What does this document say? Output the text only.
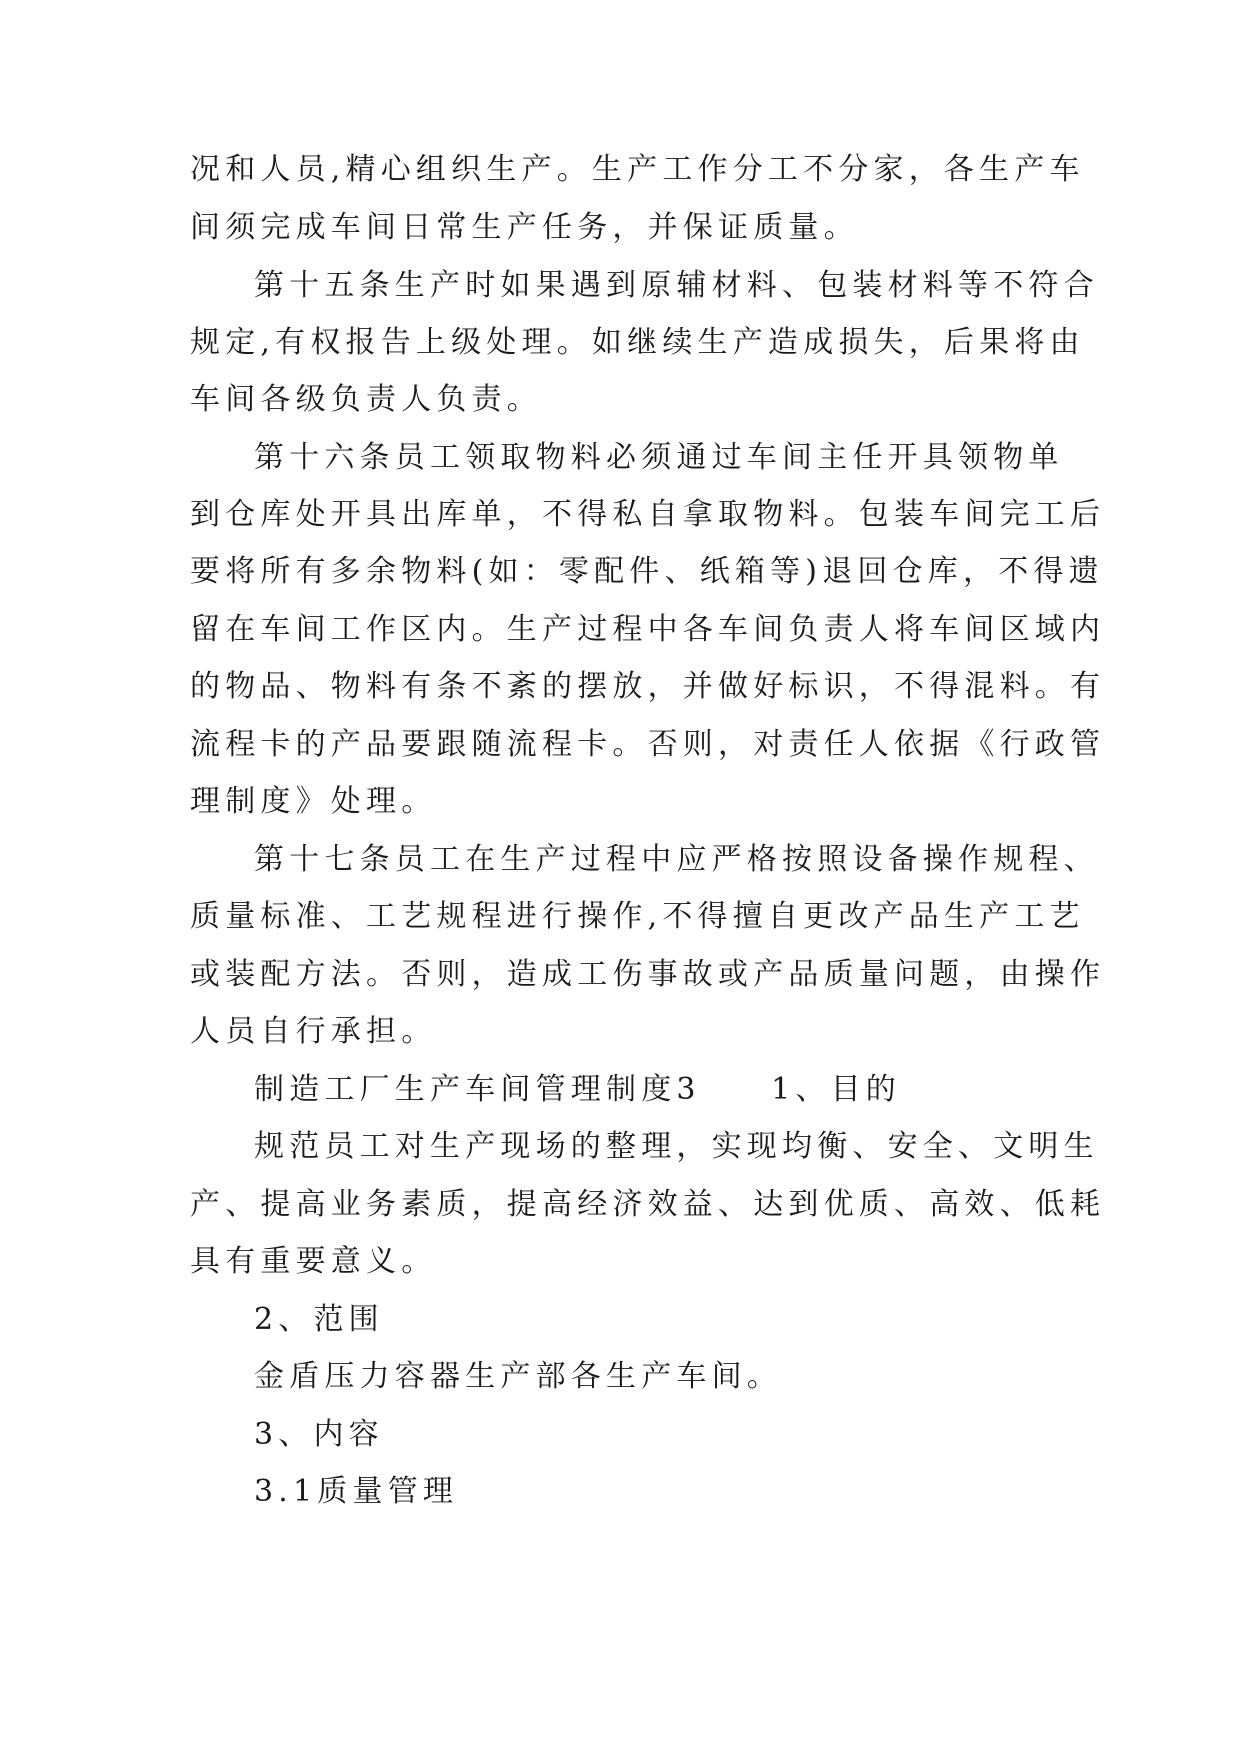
况和人员,精心组织生产。生产工作分工不分家，各生产车
间须完成车间日常生产任务，并保证质量。
第十五条生产时如果遇到原辅材料、包装材料等不符合
规定,有权报告上级处理。如继续生产造成损失，后果将由
车间各级负责人负责。
第十六条员工领取物料必须通过车间主任开具领物单
到仓库处开具出库单，不得私自拿取物料。包装车间完工后
要将所有多余物料(如：零配件、纸箱等)退回仓库，不得遗
留在车间工作区内。生产过程中各车间负责人将车间区域内
的物品、物料有条不紊的摆放，并做好标识，不得混料。有
流程卡的产品要跟随流程卡。否则，对责任人依据《行政管
理制度》处理。
第十七条员工在生产过程中应严格按照设备操作规程、
质量标准、工艺规程进行操作,不得擅自更改产品生产工艺
或装配方法。否则，造成工伤事故或产品质量问题，由操作
人员自行承担。
制造工厂生产车间管理制度3　　1、目的
规范员工对生产现场的整理，实现均衡、安全、文明生
产、提高业务素质，提高经济效益、达到优质、高效、低耗
具有重要意义。
2、范围
金盾压力容器生产部各生产车间。
3、内容
3.1质量管理
